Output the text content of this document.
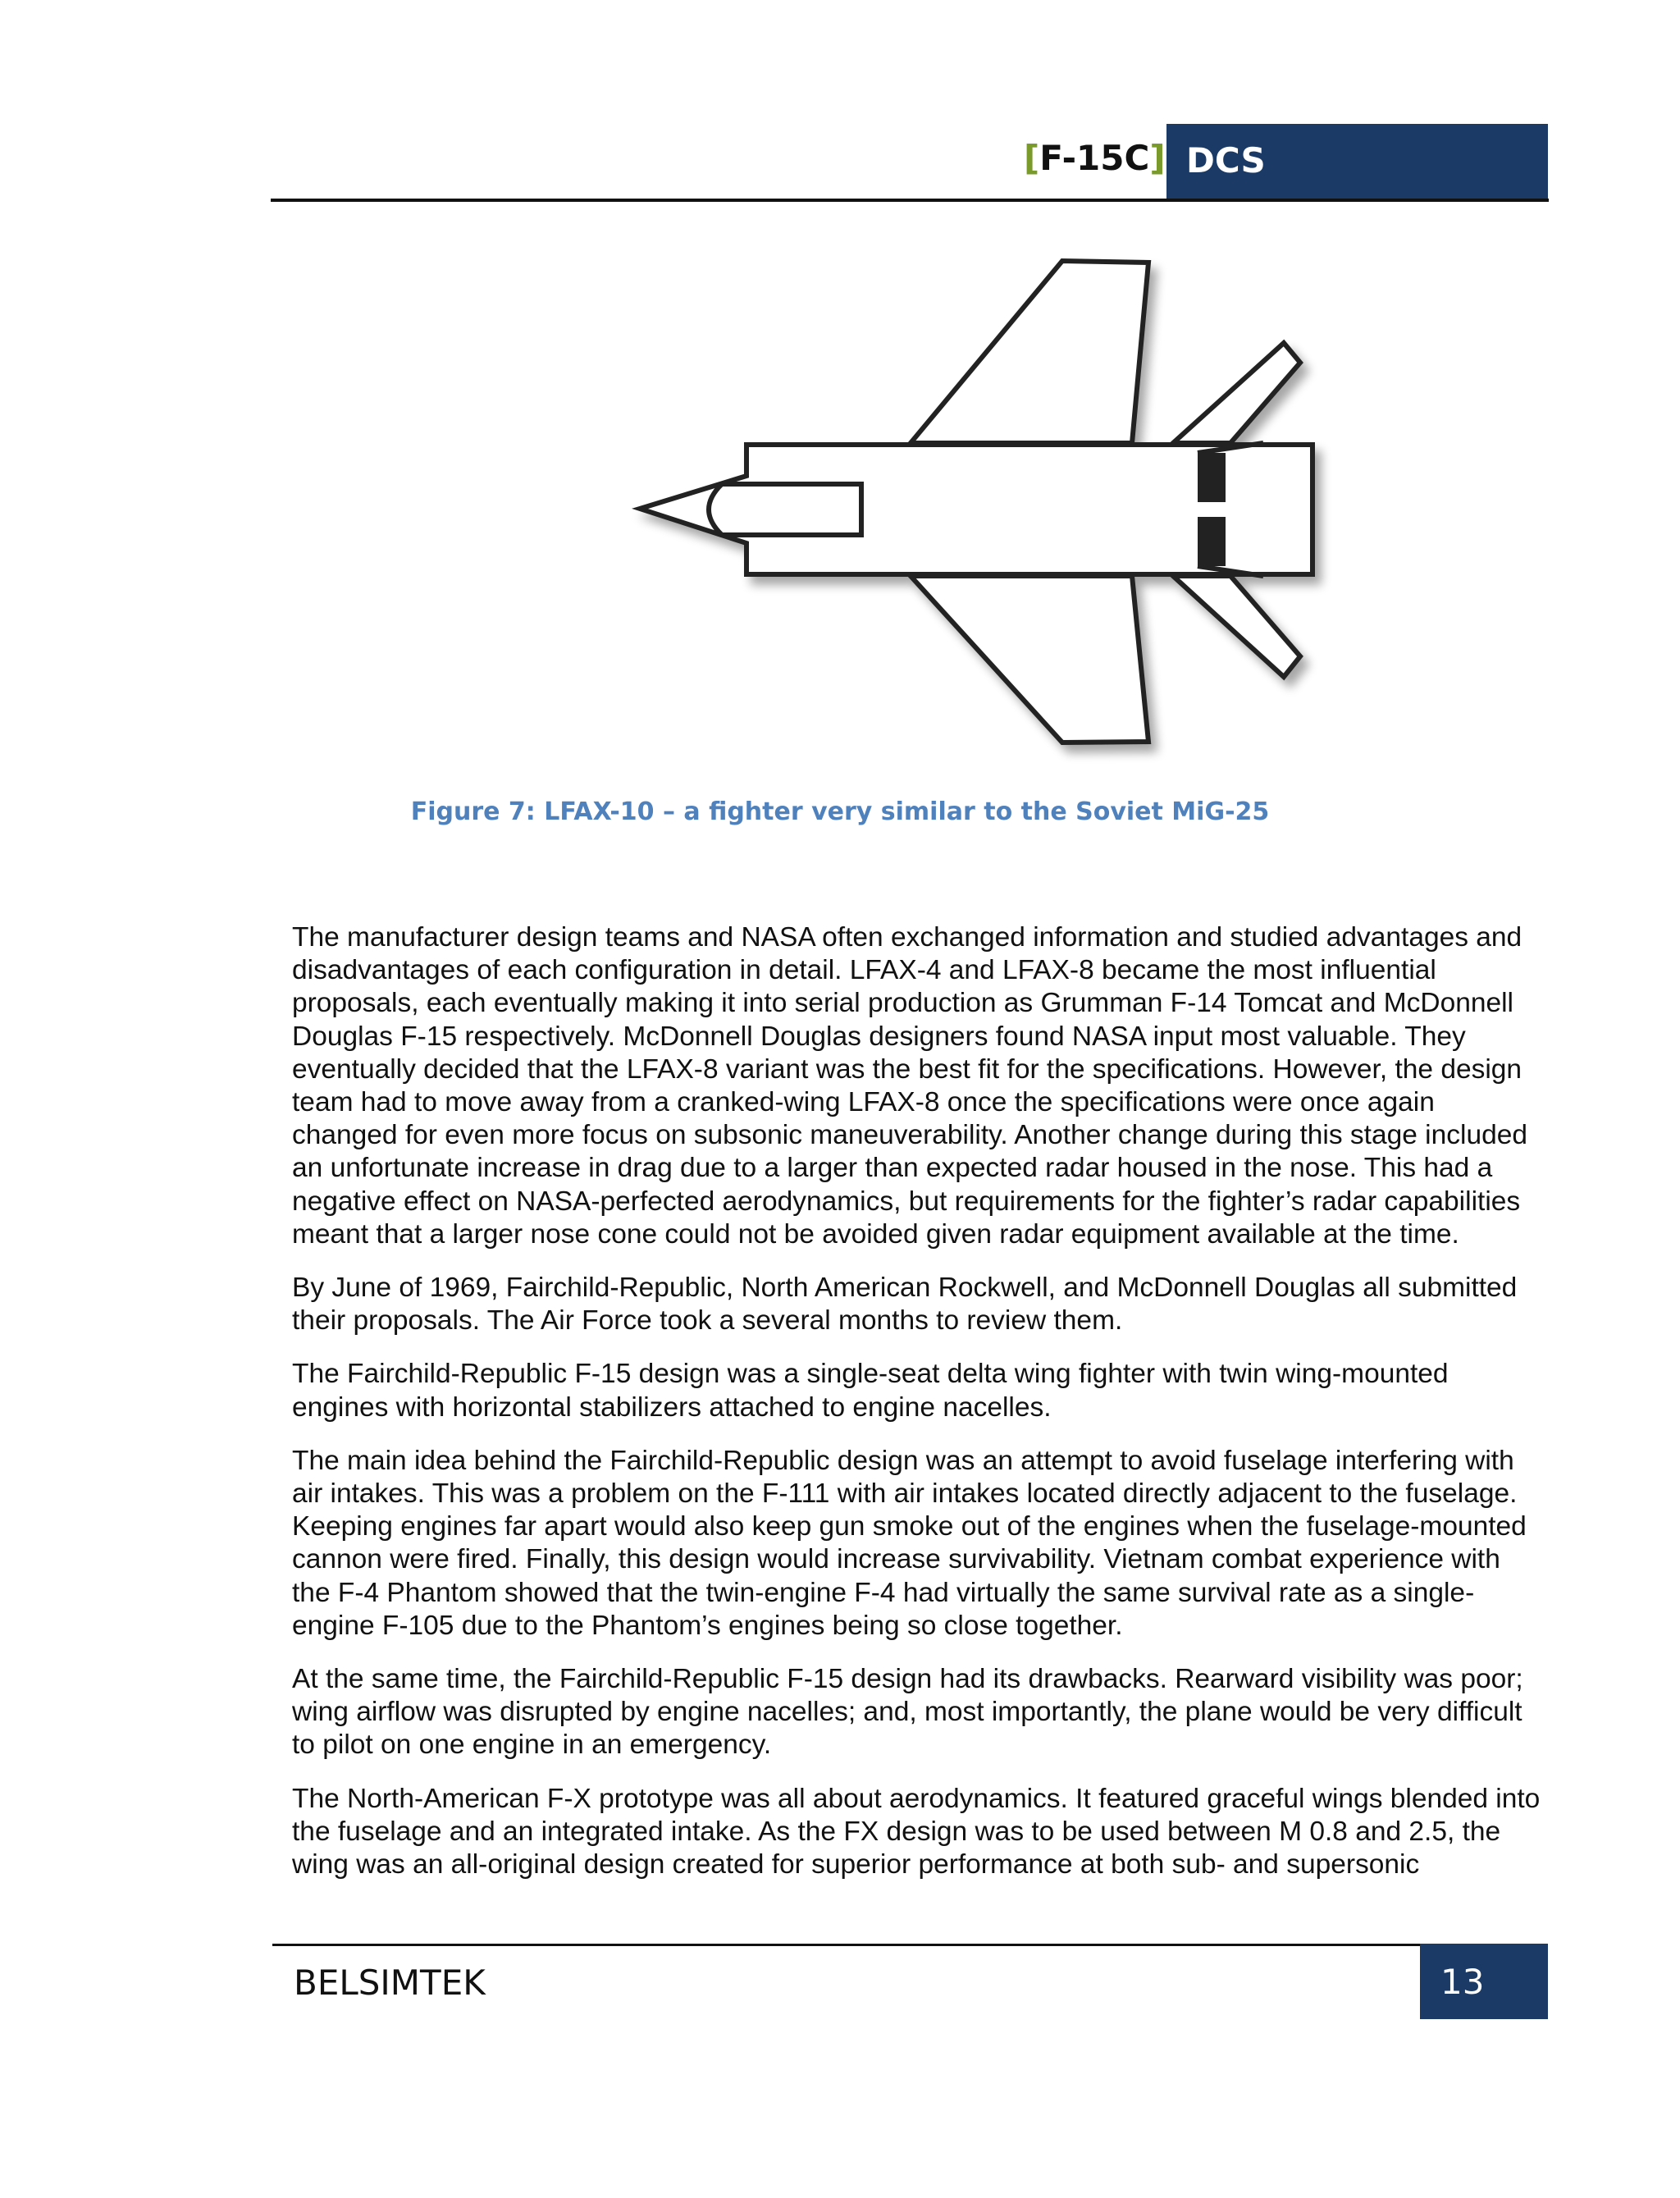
[F-15C] DCS
Figure 7: LFAX-10 – a fighter very similar to the Soviet MiG-25

The manufacturer design teams and NASA often exchanged information and studied advantages and disadvantages of each configuration in detail. LFAX-4 and LFAX-8 became the most influential proposals, each eventually making it into serial production as Grumman F-14 Tomcat and McDonnell Douglas F-15 respectively. McDonnell Douglas designers found NASA input most valuable. They eventually decided that the LFAX-8 variant was the best fit for the specifications. However, the design team had to move away from a cranked-wing LFAX-8 once the specifications were once again changed for even more focus on subsonic maneuverability. Another change during this stage included an unfortunate increase in drag due to a larger than expected radar housed in the nose. This had a negative effect on NASA-perfected aerodynamics, but requirements for the fighter’s radar capabilities meant that a larger nose cone could not be avoided given radar equipment available at the time.

By June of 1969, Fairchild-Republic, North American Rockwell, and McDonnell Douglas all submitted their proposals. The Air Force took a several months to review them.

The Fairchild-Republic F-15 design was a single-seat delta wing fighter with twin wing-mounted engines with horizontal stabilizers attached to engine nacelles.

The main idea behind the Fairchild-Republic design was an attempt to avoid fuselage interfering with air intakes. This was a problem on the F-111 with air intakes located directly adjacent to the fuselage. Keeping engines far apart would also keep gun smoke out of the engines when the fuselage-mounted cannon were fired. Finally, this design would increase survivability. Vietnam combat experience with the F-4 Phantom showed that the twin-engine F-4 had virtually the same survival rate as a single-engine F-105 due to the Phantom’s engines being so close together.

At the same time, the Fairchild-Republic F-15 design had its drawbacks. Rearward visibility was poor; wing airflow was disrupted by engine nacelles; and, most importantly, the plane would be very difficult to pilot on one engine in an emergency.

The North-American F-X prototype was all about aerodynamics. It featured graceful wings blended into the fuselage and an integrated intake. As the FX design was to be used between M 0.8 and 2.5, the wing was an all-original design created for superior performance at both sub- and supersonic

BELSIMTEK	13
